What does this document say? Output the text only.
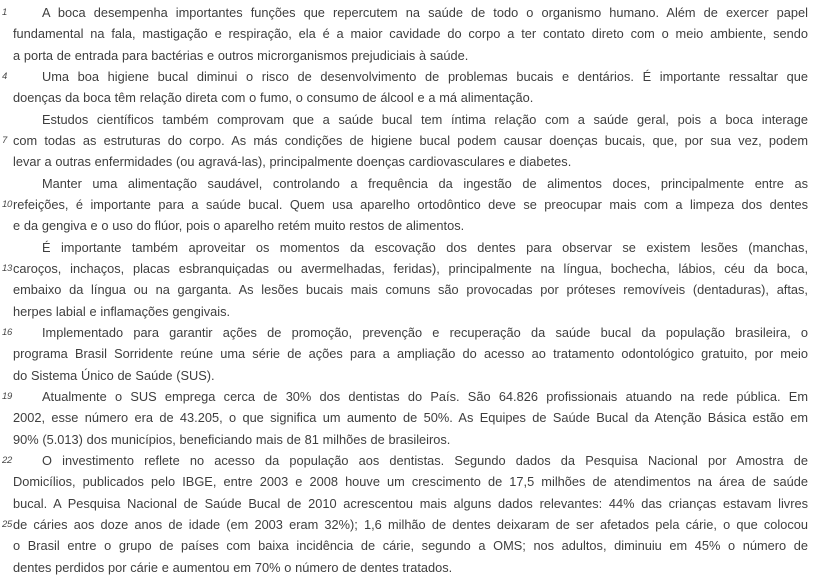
1	A boca desempenha importantes funções que repercutem na saúde de todo o organismo humano. Além de exercer papel
fundamental na fala, mastigação e respiração, ela é a maior cavidade do corpo a ter contato direto com o meio ambiente, sendo
a porta de entrada para bactérias e outros microrganismos prejudiciais à saúde.
4	Uma boa higiene bucal diminui o risco de desenvolvimento de problemas bucais e dentários. É importante ressaltar que
doenças da boca têm relação direta com o fumo, o consumo de álcool e a má alimentação.
Estudos científicos também comprovam que a saúde bucal tem íntima relação com a saúde geral, pois a boca interage
7 com todas as estruturas do corpo. As más condições de higiene bucal podem causar doenças bucais, que, por sua vez, podem
levar a outras enfermidades (ou agravá-las), principalmente doenças cardiovasculares e diabetes.
Manter uma alimentação saudável, controlando a frequência da ingestão de alimentos doces, principalmente entre as
10 refeições, é importante para a saúde bucal. Quem usa aparelho ortodôntico deve se preocupar mais com a limpeza dos dentes
e da gengiva e o uso do flúor, pois o aparelho retém muito restos de alimentos.
É importante também aproveitar os momentos da escovação dos dentes para observar se existem lesões (manchas,
13 caroços, inchaços, placas esbranquiçadas ou avermelhadas, feridas), principalmente na língua, bochecha, lábios, céu da boca,
embaixo da língua ou na garganta. As lesões bucais mais comuns são provocadas por próteses removíveis (dentaduras), aftas,
herpes labial e inflamações gengivais.
16	Implementado para garantir ações de promoção, prevenção e recuperação da saúde bucal da população brasileira, o
programa Brasil Sorridente reúne uma série de ações para a ampliação do acesso ao tratamento odontológico gratuito, por meio
do Sistema Único de Saúde (SUS).
19	Atualmente o SUS emprega cerca de 30% dos dentistas do País. São 64.826 profissionais atuando na rede pública. Em
2002, esse número era de 43.205, o que significa um aumento de 50%. As Equipes de Saúde Bucal da Atenção Básica estão em
90% (5.013) dos municípios, beneficiando mais de 81 milhões de brasileiros.
22	O investimento reflete no acesso da população aos dentistas. Segundo dados da Pesquisa Nacional por Amostra de
Domicílios, publicados pelo IBGE, entre 2003 e 2008 houve um crescimento de 17,5 milhões de atendimentos na área de saúde
bucal. A Pesquisa Nacional de Saúde Bucal de 2010 acrescentou mais alguns dados relevantes: 44% das crianças estavam livres
25 de cáries aos doze anos de idade (em 2003 eram 32%); 1,6 milhão de dentes deixaram de ser afetados pela cárie, o que colocou
o Brasil entre o grupo de países com baixa incidência de cárie, segundo a OMS; nos adultos, diminuiu em 45% o número de
dentes perdidos por cárie e aumentou em 70% o número de dentes tratados.
